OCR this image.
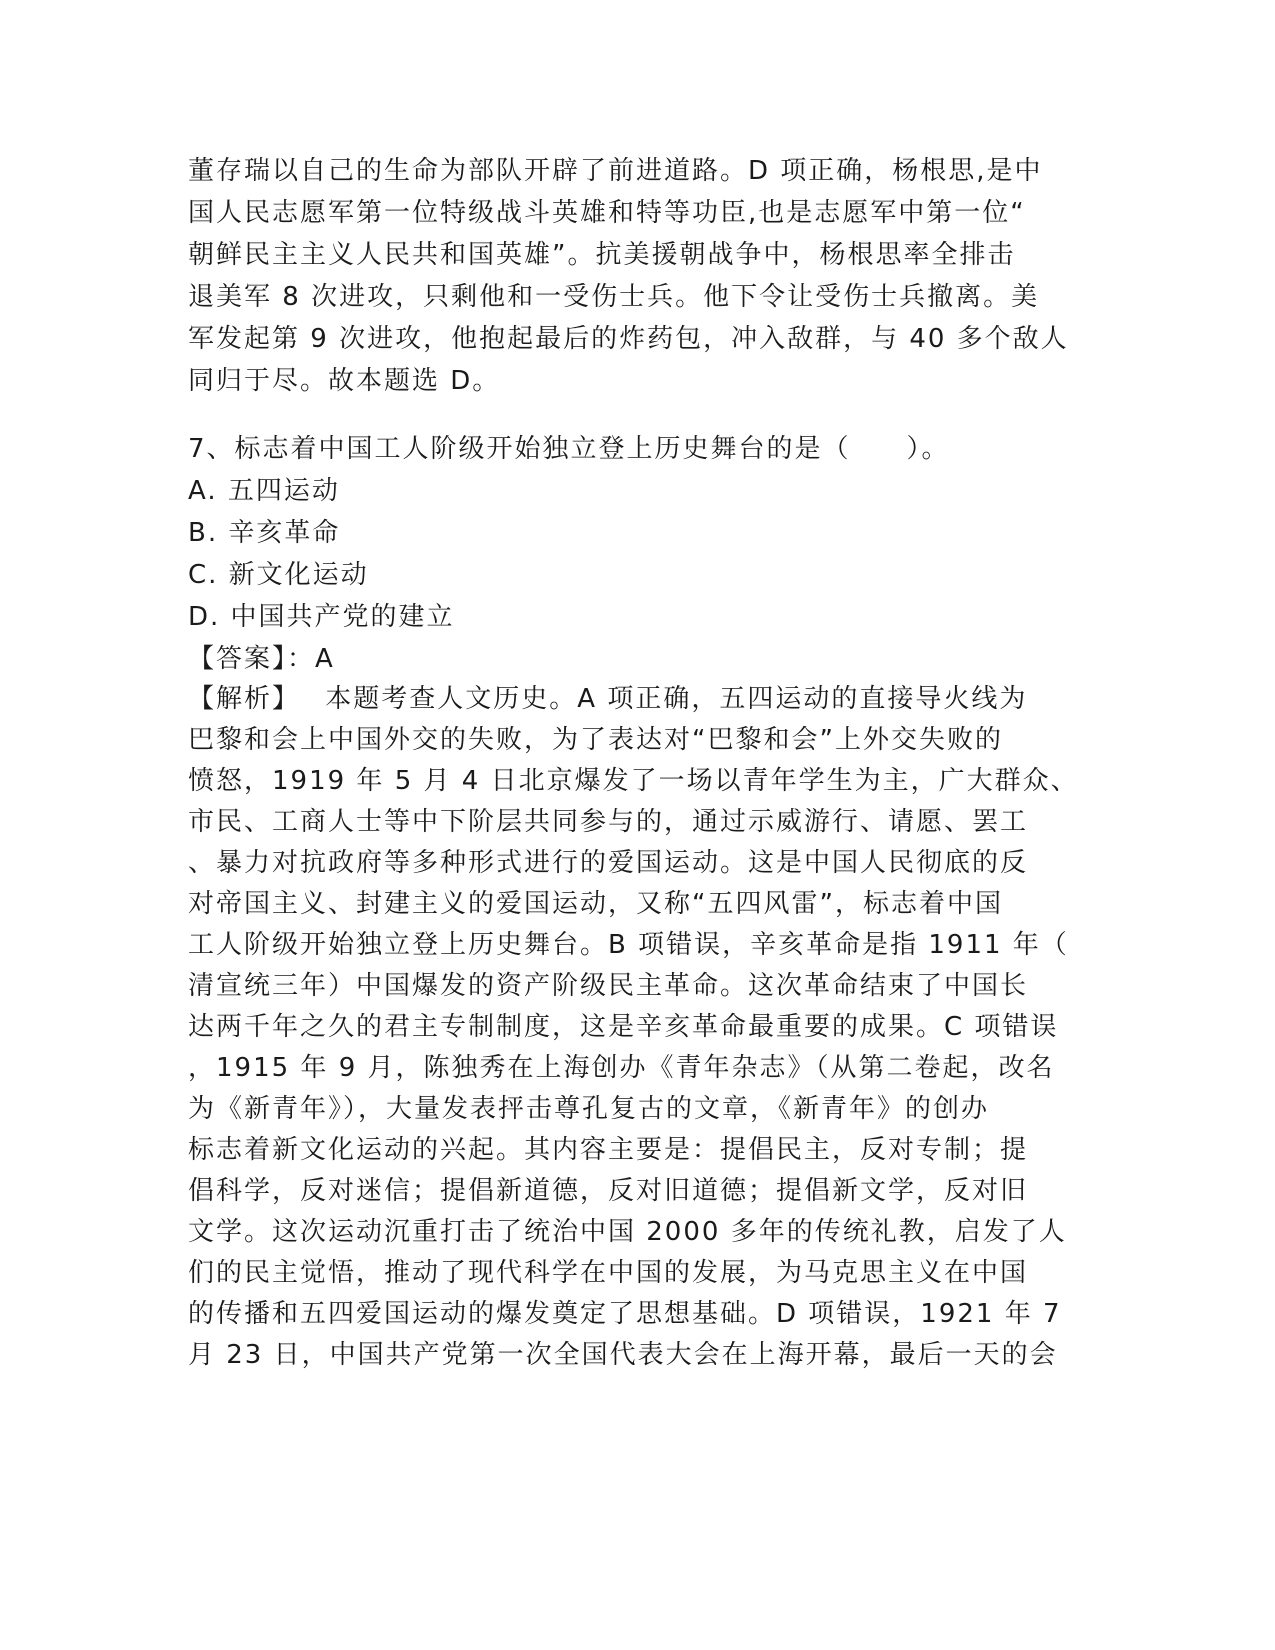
董存瑞以自己的生命为部队开辟了前进道路。D 项正确，杨根思,是中
国人民志愿军第一位特级战斗英雄和特等功臣,也是志愿军中第一位“
朝鲜民主主义人民共和国英雄”。抗美援朝战争中，杨根思率全排击
退美军 8 次进攻，只剩他和一受伤士兵。他下令让受伤士兵撤离。美
军发起第 9 次进攻，他抱起最后的炸药包，冲入敌群，与 40 多个敌人
同归于尽。故本题选 D。
7、标志着中国工人阶级开始独立登上历史舞台的是（　　）。
A. 五四运动
B. 辛亥革命
C. 新文化运动
D. 中国共产党的建立
【答案】：A
【解析】　 本题考查人文历史。A 项正确，五四运动的直接导火线为
巴黎和会上中国外交的失败，为了表达对“巴黎和会”上外交失败的
愤怒，1919 年 5 月 4 日北京爆发了一场以青年学生为主，广大群众、
市民、工商人士等中下阶层共同参与的，通过示威游行、请愿、罢工
、暴力对抗政府等多种形式进行的爱国运动。这是中国人民彻底的反
对帝国主义、封建主义的爱国运动，又称“五四风雷”，标志着中国
工人阶级开始独立登上历史舞台。B 项错误，辛亥革命是指 1911 年（
清宣统三年）中国爆发的资产阶级民主革命。这次革命结束了中国长
达两千年之久的君主专制制度，这是辛亥革命最重要的成果。C 项错误
，1915 年 9 月，陈独秀在上海创办《青年杂志》（从第二卷起，改名
为《新青年》），大量发表抨击尊孔复古的文章，《新青年》的创办
标志着新文化运动的兴起。其内容主要是：提倡民主，反对专制；提
倡科学，反对迷信；提倡新道德，反对旧道德；提倡新文学，反对旧
文学。这次运动沉重打击了统治中国 2000 多年的传统礼教，启发了人
们的民主觉悟，推动了现代科学在中国的发展，为马克思主义在中国
的传播和五四爱国运动的爆发奠定了思想基础。D 项错误，1921 年 7
月 23 日，中国共产党第一次全国代表大会在上海开幕，最后一天的会
